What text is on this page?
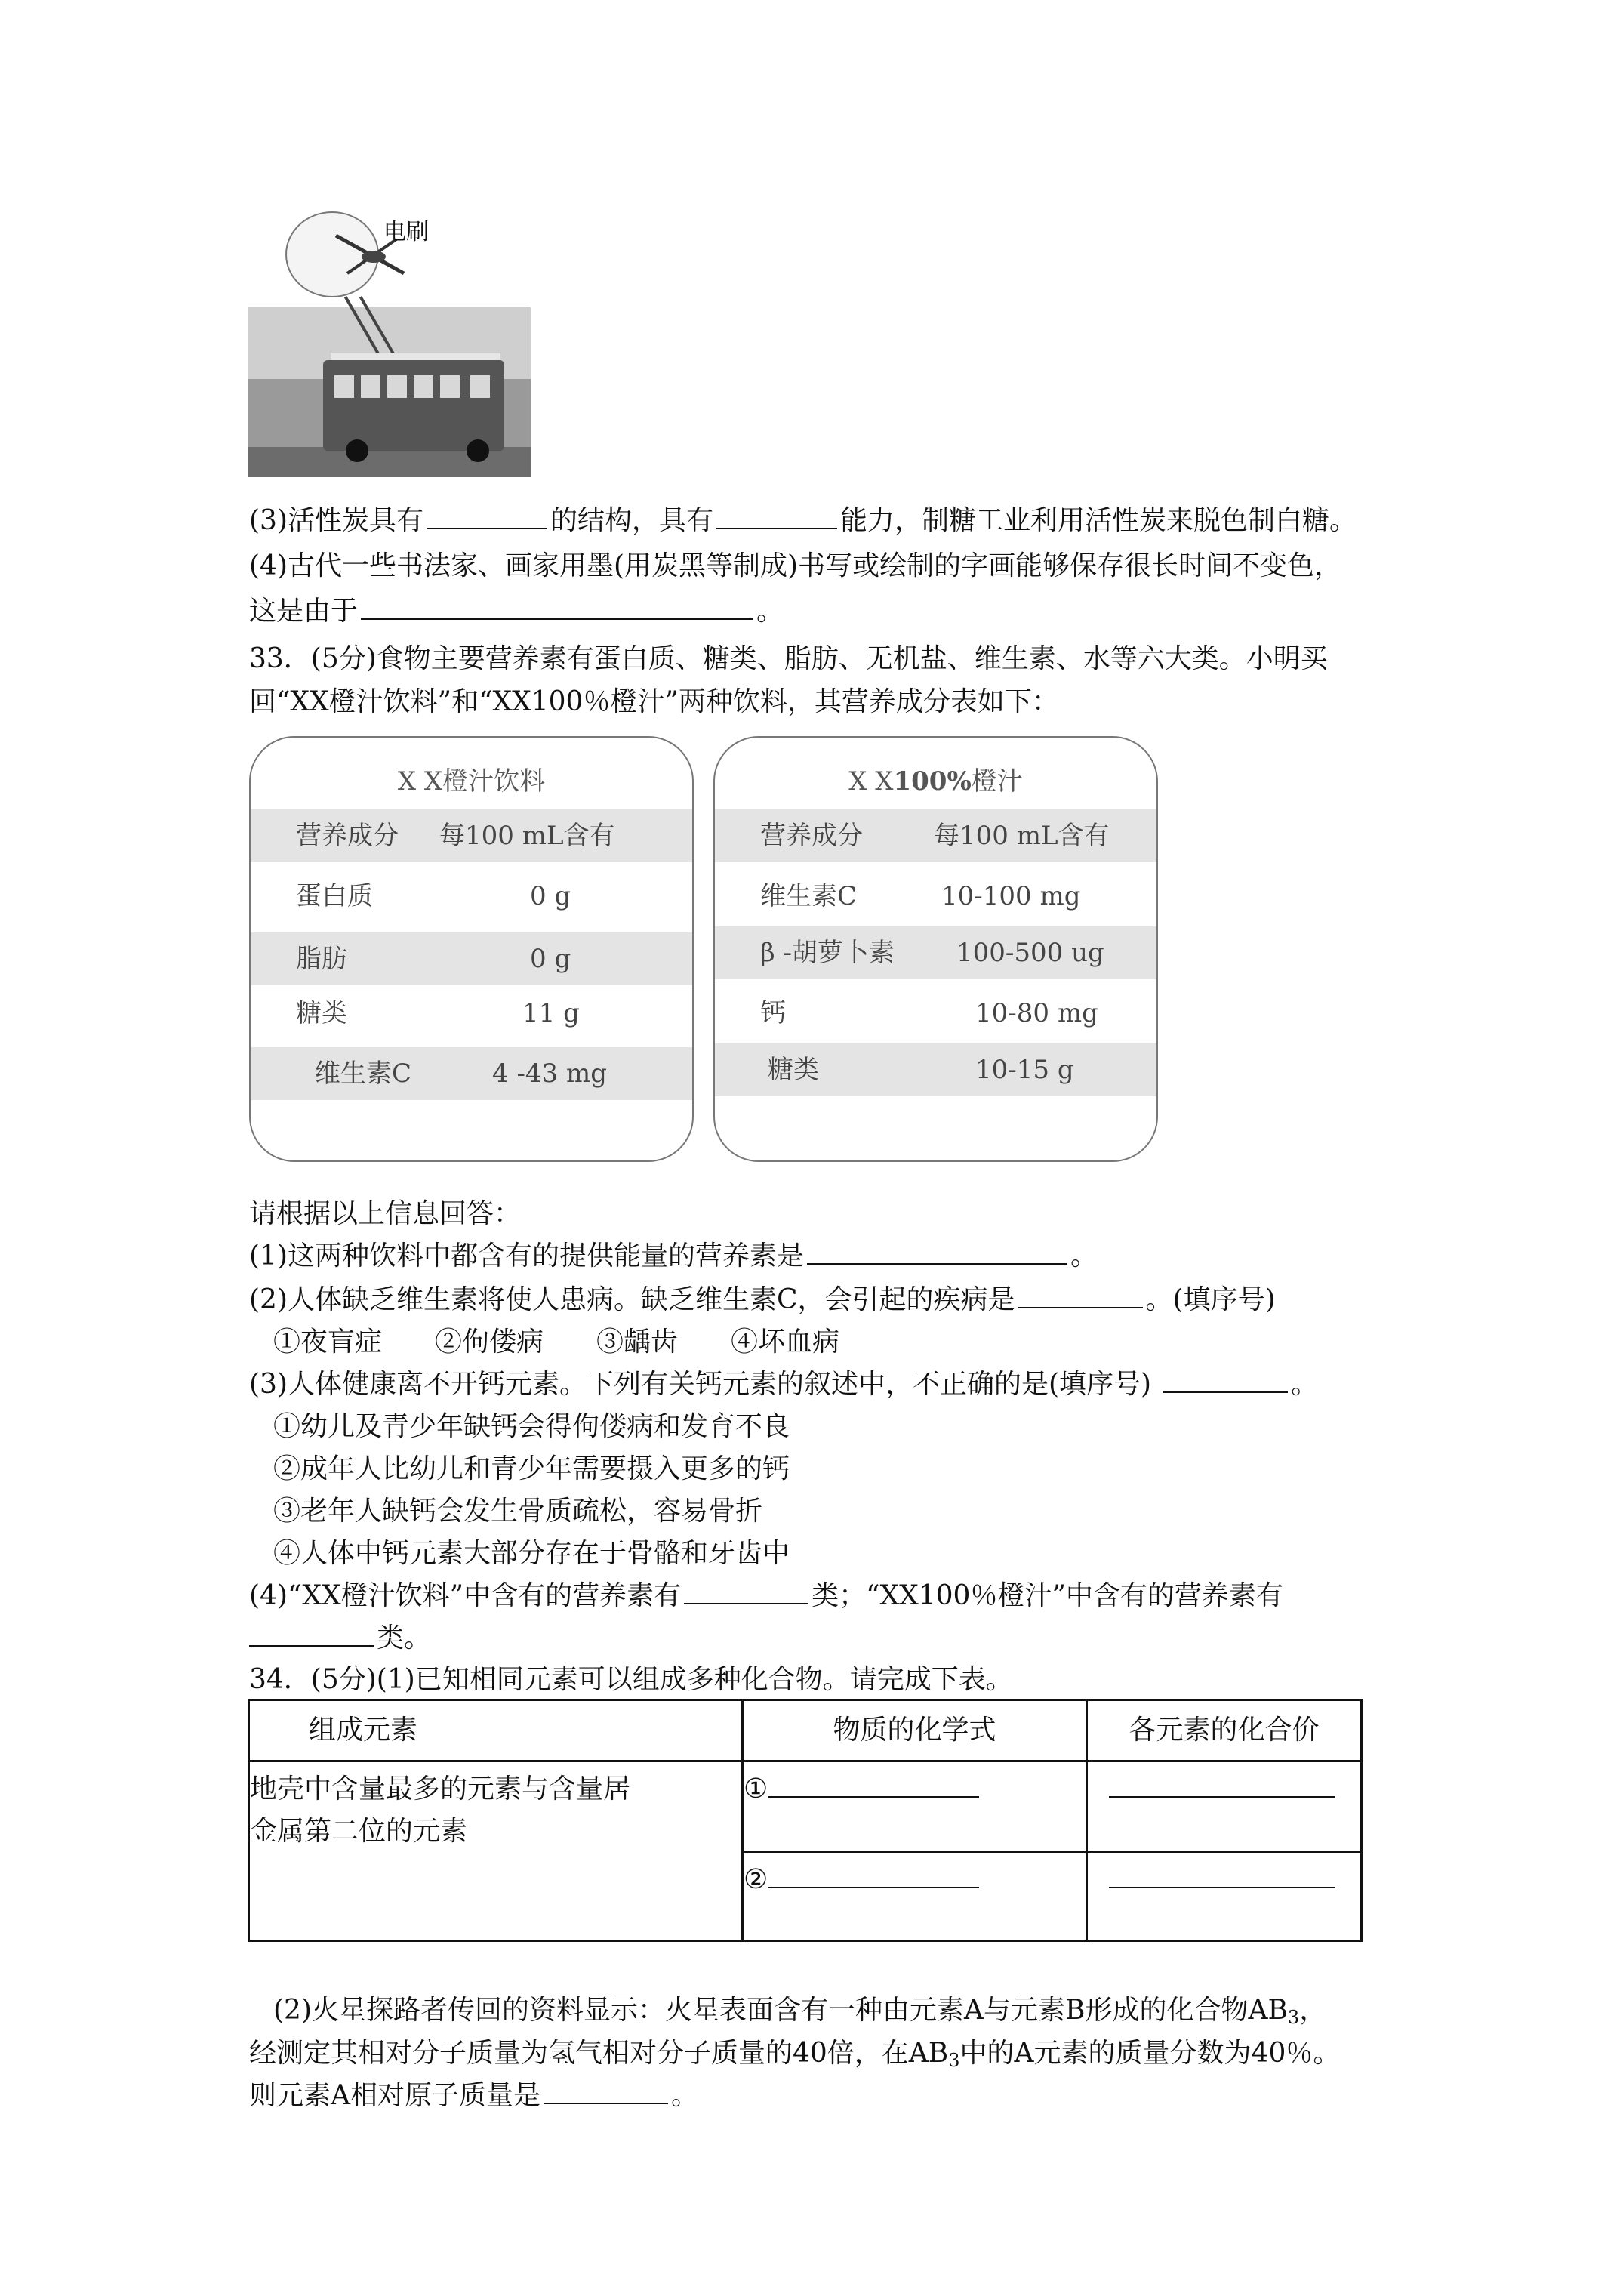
电刷
(3)活性炭具有	的结构，具有	能力，制糖工业利用活性炭来脱色制白糖。
(4)古代一些书法家、画家用墨(用炭黑等制成)书写或绘制的字画能够保存很长时间不变色，
这是由于	。
33．(5分)食物主要营养素有蛋白质、糖类、脂肪、无机盐、维生素、水等六大类。小明买
回“XX橙汁饮料”和“XX100％橙汁”两种饮料，其营养成分表如下：
X X橙汁饮料
营养成分 每100 mL含有
蛋白质	0 g
脂肪	0 g
糖类	11 g
维生素C	4 -43 mg
X X100%橙汁
营养成分	每100 mL含有
维生素C	10-100 mg
β -胡萝卜素 100-500 ug
钙	10-80 mg
糖类	10-15 g
请根据以上信息回答：
(1)这两种饮料中都含有的提供能量的营养素是	。
(2)人体缺乏维生素将使人患病。缺乏维生素C，会引起的疾病是	。(填序号)
①夜盲症 ②佝偻病 ③龋齿 ④坏血病
(3)人体健康离不开钙元素。下列有关钙元素的叙述中，不正确的是(填序号)	。
①幼儿及青少年缺钙会得佝偻病和发育不良
②成年人比幼儿和青少年需要摄入更多的钙
③老年人缺钙会发生骨质疏松，容易骨折
④人体中钙元素大部分存在于骨骼和牙齿中
(4)“XX橙汁饮料”中含有的营养素有	类；“XX100％橙汁”中含有的营养素有
类。
34．(5分)(1)已知相同元素可以组成多种化合物。请完成下表。
组成元素	物质的化学式	各元素的化合价

地壳中含量最多的元素与含量居
金属第二位的元素	①	
	②	
(2)火星探路者传回的资料显示：火星表面含有一种由元素A与元素B形成的化合物$AB_3$，
经测定其相对分子质量为氢气相对分子质量的40倍，在$AB_3$中的A元素的质量分数为40％。
则元素A相对原子质量是	。
